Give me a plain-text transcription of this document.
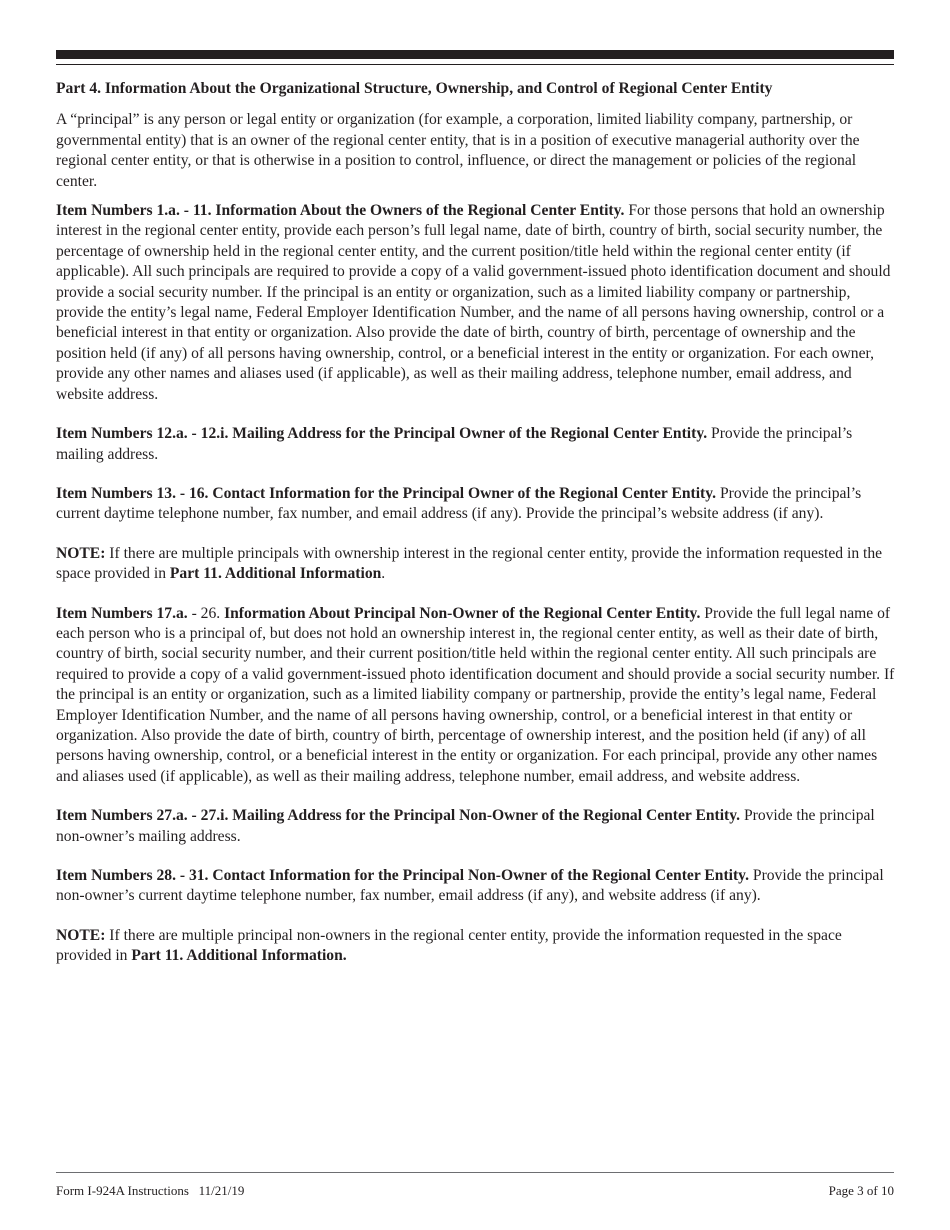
Part 4. Information About the Organizational Structure, Ownership, and Control of Regional Center Entity

A “principal” is any person or legal entity or organization (for example, a corporation, limited liability company, partnership, or governmental entity) that is an owner of the regional center entity, that is in a position of executive managerial authority over the regional center entity, or that is otherwise in a position to control, influence, or direct the management or policies of the regional center.

Item Numbers 1.a. - 11. Information About the Owners of the Regional Center Entity. For those persons that hold an ownership interest in the regional center entity, provide each person’s full legal name, date of birth, country of birth, social security number, the percentage of ownership held in the regional center entity, and the current position/title held within the regional center entity (if applicable). All such principals are required to provide a copy of a valid government-issued photo identification document and should provide a social security number. If the principal is an entity or organization, such as a limited liability company or partnership, provide the entity’s legal name, Federal Employer Identification Number, and the name of all persons having ownership, control or a beneficial interest in that entity or organization. Also provide the date of birth, country of birth, percentage of ownership and the position held (if any) of all persons having ownership, control, or a beneficial interest in the entity or organization. For each owner, provide any other names and aliases used (if applicable), as well as their mailing address, telephone number, email address, and website address.

Item Numbers 12.a. - 12.i. Mailing Address for the Principal Owner of the Regional Center Entity. Provide the principal’s mailing address.

Item Numbers 13. - 16. Contact Information for the Principal Owner of the Regional Center Entity. Provide the principal’s current daytime telephone number, fax number, and email address (if any). Provide the principal’s website address (if any).

NOTE: If there are multiple principals with ownership interest in the regional center entity, provide the information requested in the space provided in Part 11. Additional Information.

Item Numbers 17.a. - 26. Information About Principal Non-Owner of the Regional Center Entity. Provide the full legal name of each person who is a principal of, but does not hold an ownership interest in, the regional center entity, as well as their date of birth, country of birth, social security number, and their current position/title held within the regional center entity. All such principals are required to provide a copy of a valid government-issued photo identification document and should provide a social security number. If the principal is an entity or organization, such as a limited liability company or partnership, provide the entity’s legal name, Federal Employer Identification Number, and the name of all persons having ownership, control, or a beneficial interest in that entity or organization. Also provide the date of birth, country of birth, percentage of ownership interest, and the position held (if any) of all persons having ownership, control, or a beneficial interest in the entity or organization. For each principal, provide any other names and aliases used (if applicable), as well as their mailing address, telephone number, email address, and website address.

Item Numbers 27.a. - 27.i. Mailing Address for the Principal Non-Owner of the Regional Center Entity. Provide the principal non-owner’s mailing address.

Item Numbers 28. - 31. Contact Information for the Principal Non-Owner of the Regional Center Entity. Provide the principal non-owner’s current daytime telephone number, fax number, email address (if any), and website address (if any).

NOTE: If there are multiple principal non-owners in the regional center entity, provide the information requested in the space provided in Part 11. Additional Information.

Form I-924A Instructions   11/21/19	Page 3 of 10
